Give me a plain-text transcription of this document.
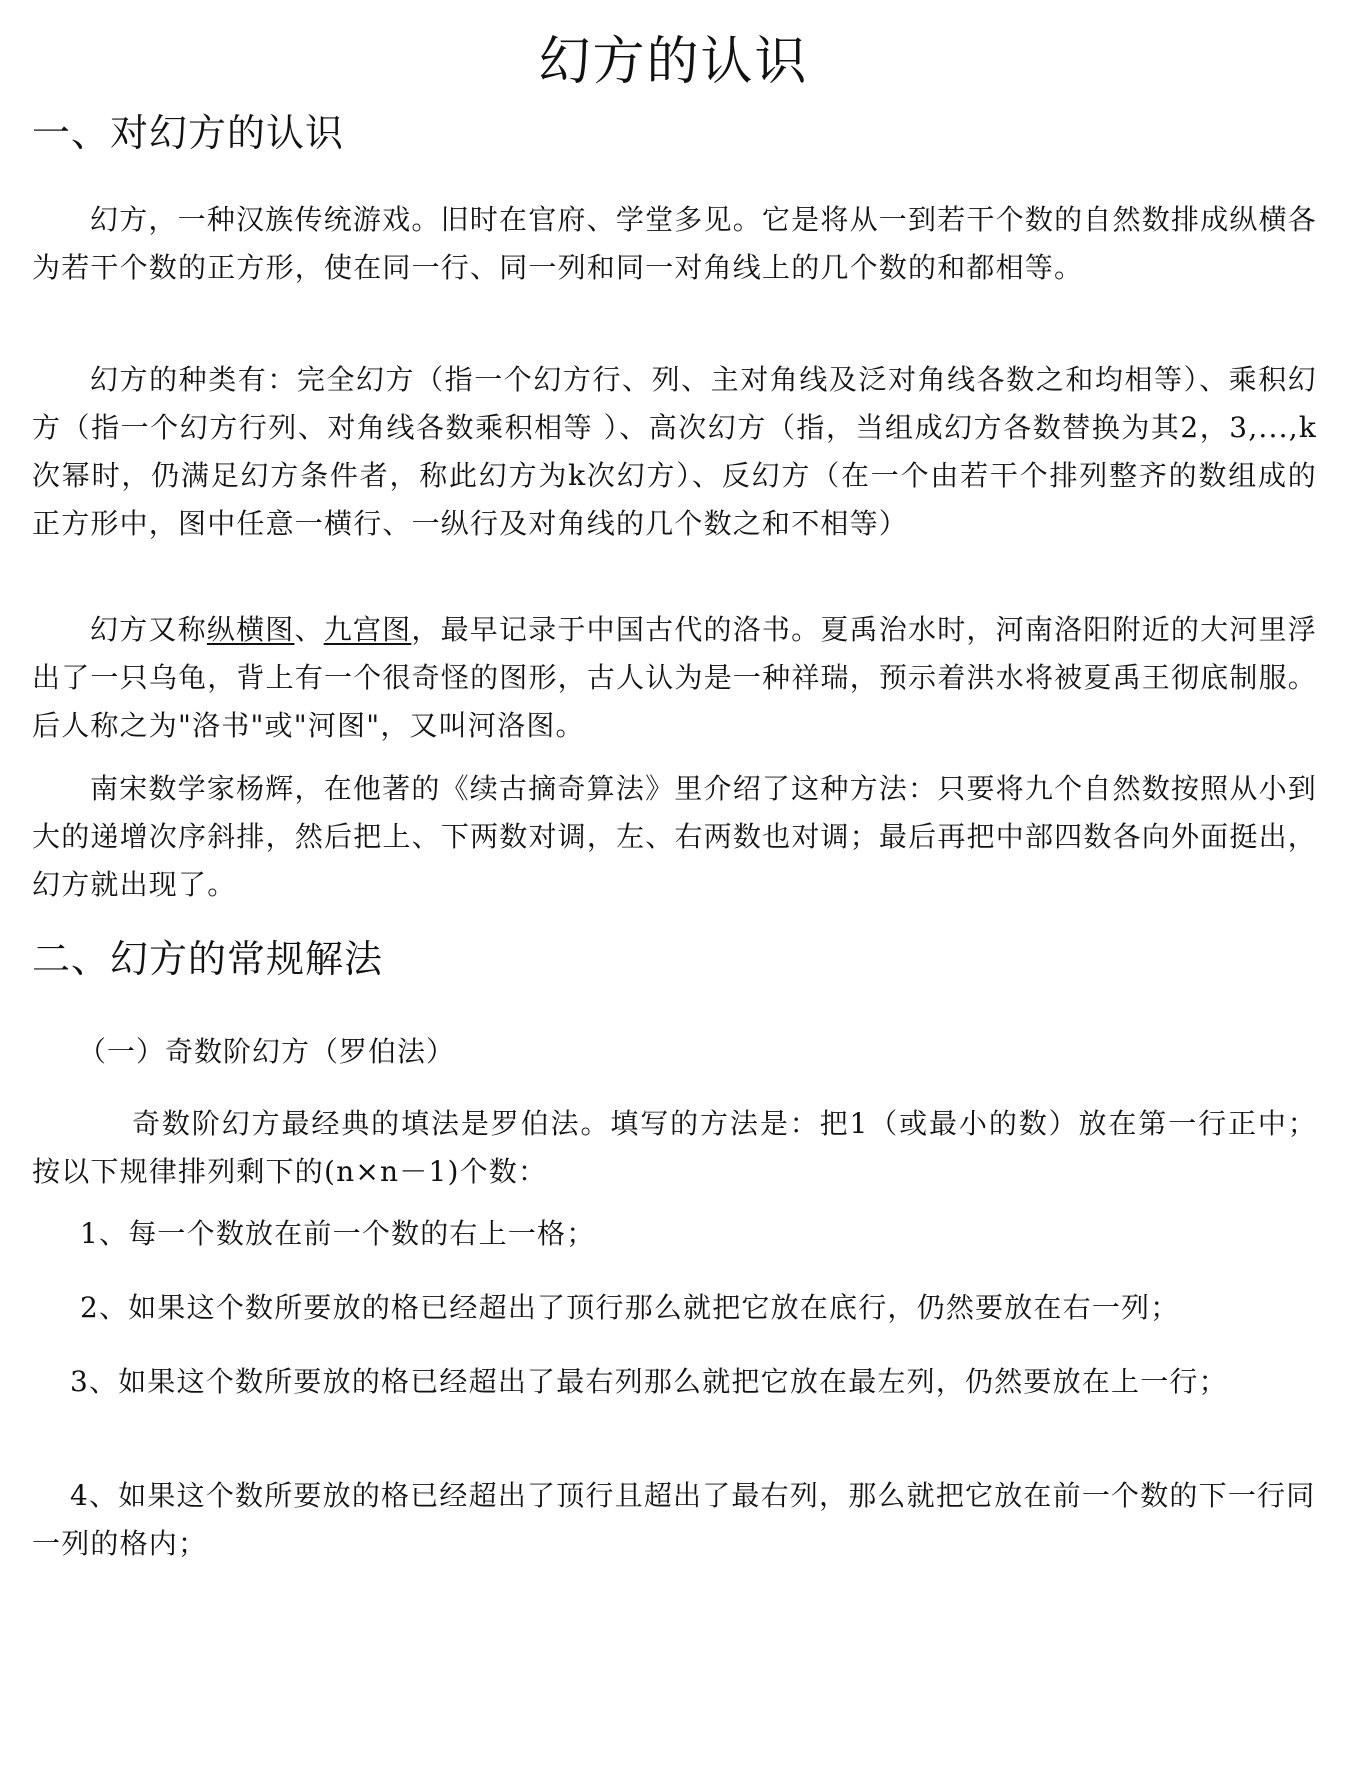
幻方的认识
一、对幻方的认识

幻方，一种汉族传统游戏。旧时在官府、学堂多见。它是将从一到若干个数的自然数排成纵横各为若干个数的正方形，使在同一行、同一列和同一对角线上的几个数的和都相等。

幻方的种类有：完全幻方（指一个幻方行、列、主对角线及泛对角线各数之和均相等）、乘积幻方（指一个幻方行列、对角线各数乘积相等 ）、高次幻方（指，当组成幻方各数替换为其2，3,...,k次幂时，仍满足幻方条件者，称此幻方为k次幻方）、反幻方（在一个由若干个排列整齐的数组成的正方形中，图中任意一横行、一纵行及对角线的几个数之和不相等）

幻方又称纵横图、九宫图，最早记录于中国古代的洛书。夏禹治水时，河南洛阳附近的大河里浮出了一只乌龟，背上有一个很奇怪的图形，古人认为是一种祥瑞，预示着洪水将被夏禹王彻底制服。后人称之为"洛书"或"河图"，又叫河洛图。

南宋数学家杨辉，在他著的《续古摘奇算法》里介绍了这种方法：只要将九个自然数按照从小到大的递增次序斜排，然后把上、下两数对调，左、右两数也对调；最后再把中部四数各向外面挺出，幻方就出现了。

二、幻方的常规解法
（一）奇数阶幻方（罗伯法）

奇数阶幻方最经典的填法是罗伯法。填写的方法是：把1（或最小的数）放在第一行正中； 按以下规律排列剩下的(n×n－1)个数：

1、每一个数放在前一个数的右上一格；

2、如果这个数所要放的格已经超出了顶行那么就把它放在底行，仍然要放在右一列；

3、如果这个数所要放的格已经超出了最右列那么就把它放在最左列，仍然要放在上一行；

4、如果这个数所要放的格已经超出了顶行且超出了最右列，那么就把它放在前一个数的下一行同一列的格内；
